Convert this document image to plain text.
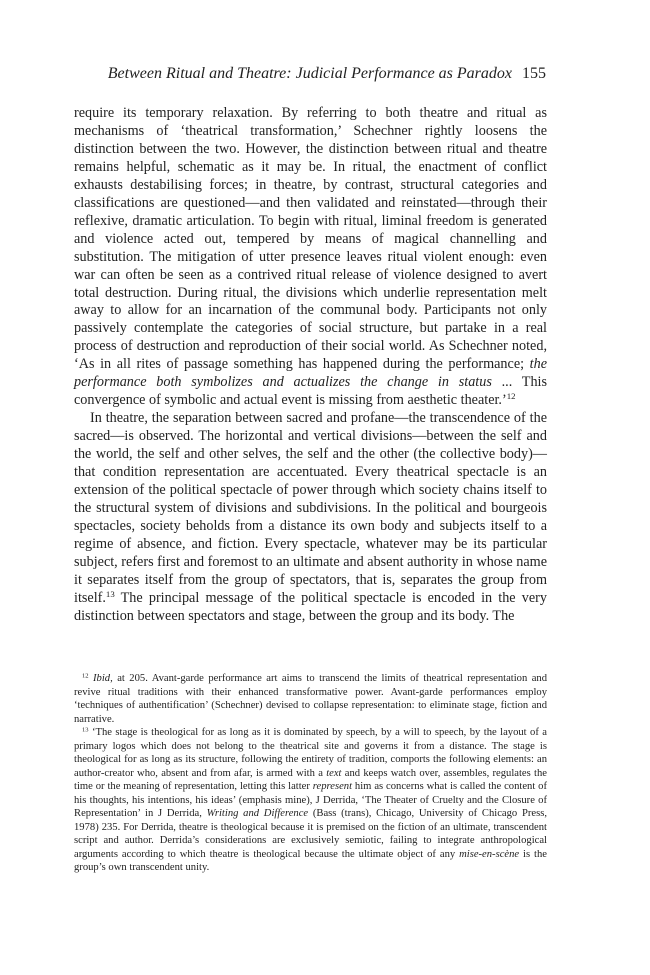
Between Ritual and Theatre: Judicial Performance as Paradox 155

require its temporary relaxation. By referring to both theatre and ritual as mechanisms of ‘theatrical transformation,’ Schechner rightly loosens the distinction between the two. However, the distinction between ritual and theatre remains helpful, schematic as it may be. In ritual, the enactment of conflict exhausts destabilising forces; in theatre, by contrast, structural categories and classifications are questioned—and then validated and reinstated—through their reflexive, dramatic articulation. To begin with ritual, liminal freedom is generated and violence acted out, tempered by means of magical channelling and substitution. The mitigation of utter presence leaves ritual violent enough: even war can often be seen as a contrived ritual release of violence designed to avert total destruction. During ritual, the divisions which underlie representation melt away to allow for an incarnation of the communal body. Participants not only passively contemplate the categories of social structure, but partake in a real process of destruction and reproduction of their social world. As Schechner noted, ‘As in all rites of passage something has happened during the performance; the performance both symbolizes and actualizes the change in status ... This convergence of symbolic and actual event is missing from aesthetic theater.’$^{12}$

In theatre, the separation between sacred and profane—the transcendence of the sacred—is observed. The horizontal and vertical divisions—between the self and the world, the self and other selves, the self and the other (the collective body)—that condition representation are accentuated. Every theatrical spectacle is an extension of the political spectacle of power through which society chains itself to the structural system of divisions and subdivisions. In the political and bourgeois spectacles, society beholds from a distance its own body and subjects itself to a regime of absence, and fiction. Every spectacle, whatever may be its particular subject, refers first and foremost to an ultimate and absent authority in whose name it separates itself from the group of spectators, that is, separates the group from itself.$^{13}$ The principal message of the political spectacle is encoded in the very distinction between spectators and stage, between the group and its body. The

$^{12}$ Ibid, at 205. Avant-garde performance art aims to transcend the limits of theatrical representation and revive ritual traditions with their enhanced transformative power. Avant-garde performances employ ‘techniques of authentification’ (Schechner) devised to collapse representation: to eliminate stage, fiction and narrative.

$^{13}$ ‘The stage is theological for as long as it is dominated by speech, by a will to speech, by the layout of a primary logos which does not belong to the theatrical site and governs it from a distance. The stage is theological for as long as its structure, following the entirety of tradition, comports the following elements: an author-creator who, absent and from afar, is armed with a text and keeps watch over, assembles, regulates the time or the meaning of representation, letting this latter represent him as concerns what is called the content of his thoughts, his intentions, his ideas’ (emphasis mine), J Derrida, ‘The Theater of Cruelty and the Closure of Representation’ in J Derrida, Writing and Difference (Bass (trans), Chicago, University of Chicago Press, 1978) 235. For Derrida, theatre is theological because it is premised on the fiction of an ultimate, transcendent script and author. Derrida’s considerations are exclusively semiotic, failing to integrate anthropological arguments according to which theatre is theological because the ultimate object of any mise-en-scène is the group’s own transcendent unity.
